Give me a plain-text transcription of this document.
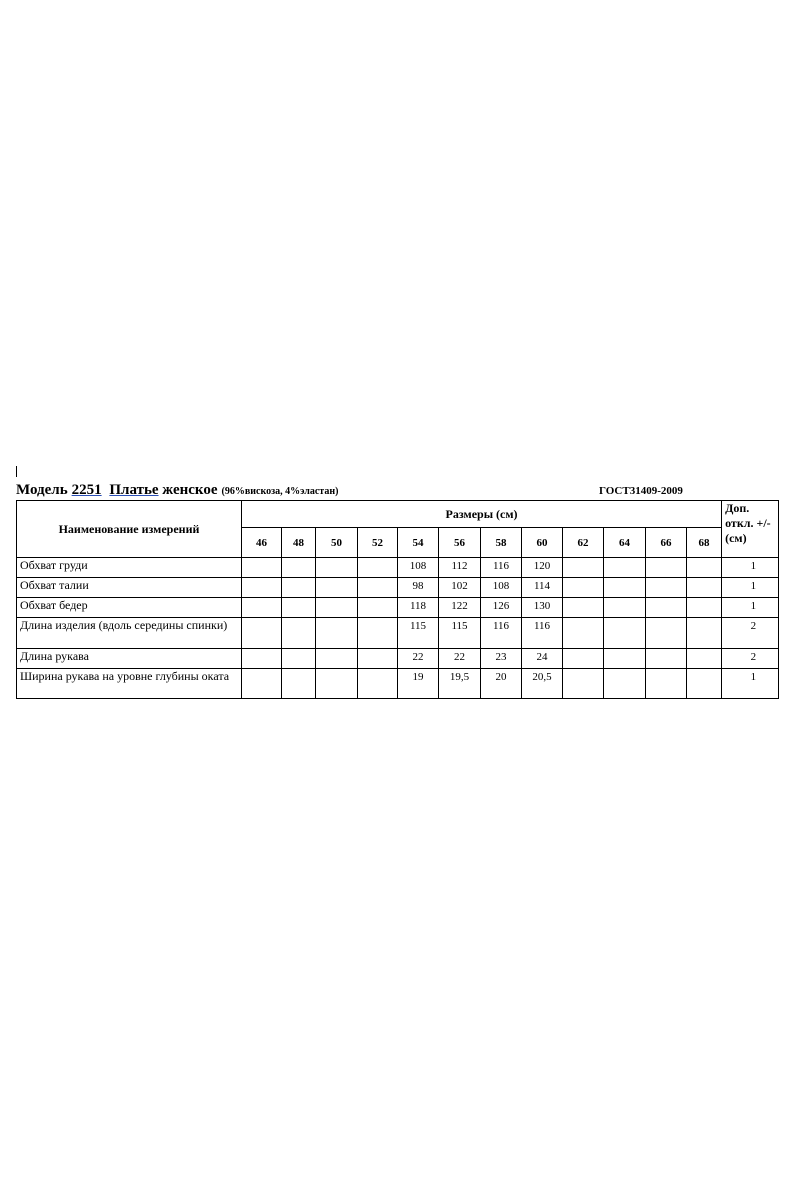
Модель 2251 Платье женское (96%вискоза, 4%эластан)	ГОСТ31409-2009
Наименование измерений	Размеры (см)												Доп. откл. +/- (см)
	46	48	50	52	54	56	58	60	62	64	66	68	
Обхват груди					108	112	116	120					1
Обхват талии					98	102	108	114					1
Обхват бедер					118	122	126	130					1
Длина изделия (вдоль середины спинки)					115	115	116	116					2
Длина рукава					22	22	23	24					2
Ширина рукава на уровне глубины оката					19	19,5	20	20,5					1
